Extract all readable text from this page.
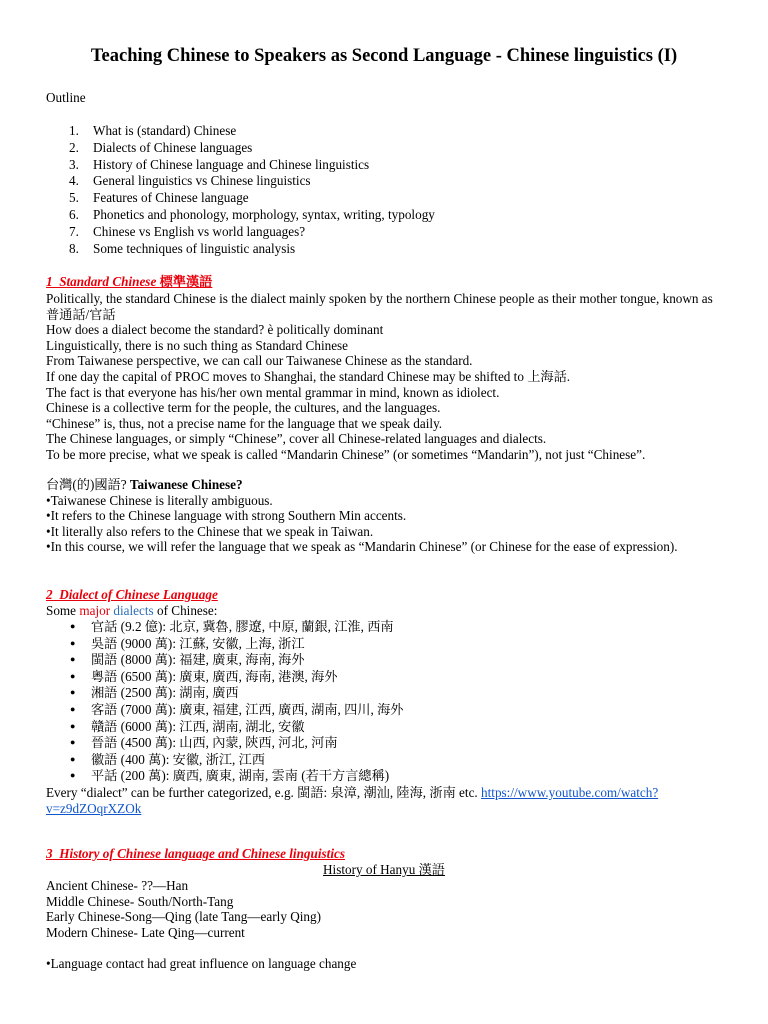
Teaching Chinese to Speakers as Second Language - Chinese linguistics (I)
Outline
1. What is (standard) Chinese
2. Dialects of Chinese languages
3. History of Chinese language and Chinese linguistics
4. General linguistics vs Chinese linguistics
5. Features of Chinese language
6. Phonetics and phonology, morphology, syntax, writing, typology
7. Chinese vs English vs world languages?
8. Some techniques of linguistic analysis
1_Standard Chinese 標準漢語
Politically, the standard Chinese is the dialect mainly spoken by the northern Chinese people as their mother tongue, known as 普通話/官話
How does a dialect become the standard? è politically dominant
Linguistically, there is no such thing as Standard Chinese
From Taiwanese perspective, we can call our Taiwanese Chinese as the standard.
If one day the capital of PROC moves to Shanghai, the standard Chinese may be shifted to 上海話.
The fact is that everyone has his/her own mental grammar in mind, known as idiolect.
Chinese is a collective term for the people, the cultures, and the languages.
“Chinese” is, thus, not a precise name for the language that we speak daily.
The Chinese languages, or simply “Chinese”, cover all Chinese-related languages and dialects.
To be more precise, what we speak is called “Mandarin Chinese” (or sometimes “Mandarin”), not just “Chinese”.
台灣(的)國語? Taiwanese Chinese?
•Taiwanese Chinese is literally ambiguous.
•It refers to the Chinese language with strong Southern Min accents.
•It literally also refers to the Chinese that we speak in Taiwan.
•In this course, we will refer the language that we speak as “Mandarin Chinese” (or Chinese for the ease of expression).
2_Dialect of Chinese Language
Some major dialects of Chinese:
● 官話 (9.2 億): 北京, 冀魯, 膠遼, 中原, 蘭銀, 江淮, 西南
● 吳語 (9000 萬): 江蘇, 安徽, 上海, 浙江
● 閩語 (8000 萬): 福建, 廣東, 海南, 海外
● 粵語 (6500 萬): 廣東, 廣西, 海南, 港澳, 海外
● 湘語 (2500 萬): 湖南, 廣西
● 客語 (7000 萬): 廣東, 福建, 江西, 廣西, 湖南, 四川, 海外
● 贛語 (6000 萬): 江西, 湖南, 湖北, 安徽
● 晉語 (4500 萬): 山西, 內蒙, 陝西, 河北, 河南
● 徽語 (400 萬): 安徽, 浙江, 江西
● 平話 (200 萬): 廣西, 廣東, 湖南, 雲南 (若干方言總稱)
Every “dialect” can be further categorized, e.g. 閩語: 泉漳, 潮汕, 陸海, 浙南 etc. https://www.youtube.com/watch?
v=z9dZOqrXZOk
3_History of Chinese language and Chinese linguistics
History of Hanyu 漢語
Ancient Chinese- ??—Han
Middle Chinese- South/North-Tang
Early Chinese-Song—Qing (late Tang—early Qing)
Modern Chinese- Late Qing—current
•Language contact had great influence on language change
